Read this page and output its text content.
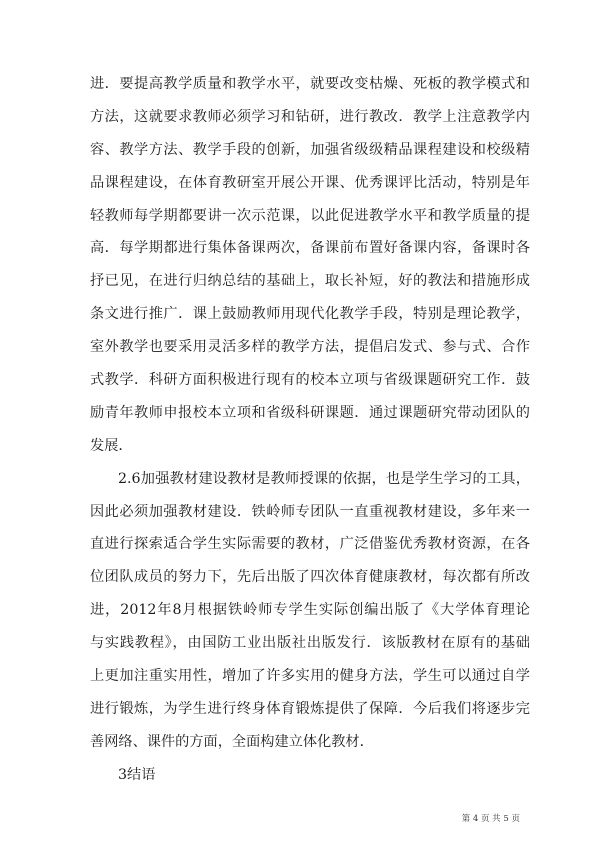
进．要提高教学质量和教学水平，就要改变枯燥、死板的教学模式和
方法，这就要求教师必须学习和钻研，进行教改．教学上注意教学内
容、教学方法、教学手段的创新，加强省级级精品课程建设和校级精
品课程建设，在体育教研室开展公开课、优秀课评比活动，特别是年
轻教师每学期都要讲一次示范课，以此促进教学水平和教学质量的提
高．每学期都进行集体备课两次，备课前布置好备课内容，备课时各
抒已见，在进行归纳总结的基础上，取长补短，好的教法和措施形成
条文进行推广．课上鼓励教师用现代化教学手段，特别是理论教学，
室外教学也要采用灵活多样的教学方法，提倡启发式、参与式、合作
式教学．科研方面积极进行现有的校本立项与省级课题研究工作．鼓
励青年教师申报校本立项和省级科研课题．通过课题研究带动团队的
发展．
2.6加强教材建设教材是教师授课的依据，也是学生学习的工具，
因此必须加强教材建设．铁岭师专团队一直重视教材建设，多年来一
直进行探索适合学生实际需要的教材，广泛借鉴优秀教材资源，在各
位团队成员的努力下，先后出版了四次体育健康教材，每次都有所改
进，2012年8月根据铁岭师专学生实际创编出版了《大学体育理论
与实践教程》，由国防工业出版社出版发行．该版教材在原有的基础
上更加注重实用性，增加了许多实用的健身方法，学生可以通过自学
进行锻炼，为学生进行终身体育锻炼提供了保障．今后我们将逐步完
善网络、课件的方面，全面构建立体化教材．
3结语
第 4 页 共 5 页
